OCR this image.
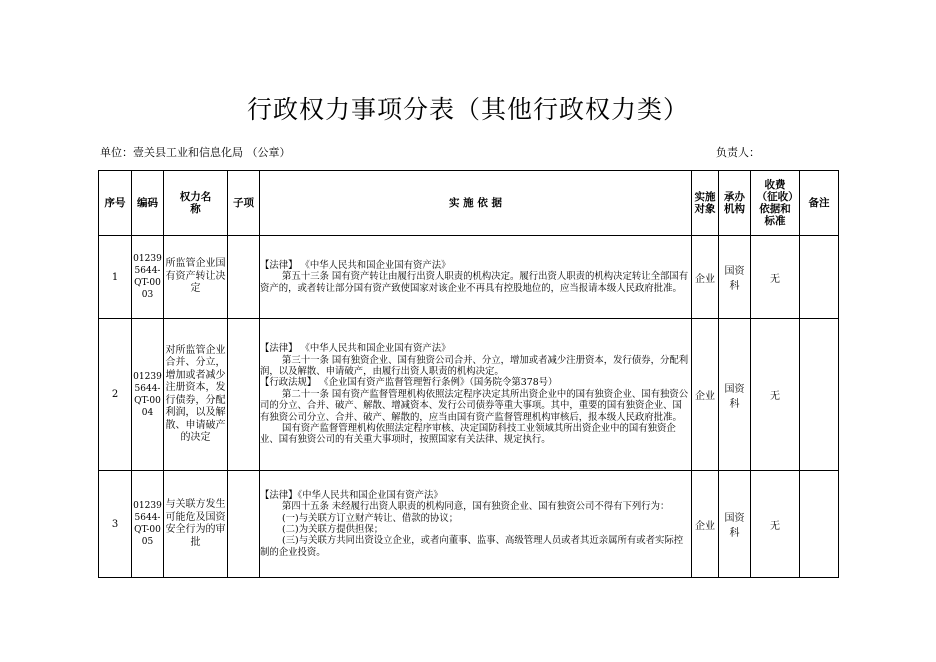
行政权力事项分表（其他行政权力类）
单位：壹关县工业和信息化局 （公章）	负责人：
序号	编码	权力名称	子项	实 施 依 据	实施对象	承办机构	收费（征收）依据和标准	备注
1	012395644-QT-0003	所监管企业国有资产转让决定		【法律】 《中华人民共和国企业国有资产法》

第五十三条 国有资产转让由履行出资人职责的机构决定。履行出资人职责的机构决定转让全部国有资产的，或者转让部分国有资产致使国家对该企业不再具有控股地位的，应当报请本级人民政府批准。	企业	国资科	无	
2	012395644-QT-0004	对所监管企业合并、分立，增加或者减少注册资本，发行债券，分配利润，以及解散、申请破产的决定		【法律】 《中华人民共和国企业国有资产法》

第三十一条 国有独资企业、国有独资公司合并、分立，增加或者减少注册资本，发行债券，分配利润，以及解散、申请破产，由履行出资人职责的机构决定。

【行政法规】 《企业国有资产监督管理暂行条例》（国务院令第378号）

第二十一条 国有资产监督管理机构依照法定程序决定其所出资企业中的国有独资企业、国有独资公司的分立、合并、破产、解散、增减资本、发行公司债券等重大事项。其中，重要的国有独资企业、国有独资公司分立、合并、破产、解散的，应当由国有资产监督管理机构审核后，报本级人民政府批准。

国有资产监督管理机构依照法定程序审核、决定国防科技工业领域其所出资企业中的国有独资企业、国有独资公司的有关重大事项时，按照国家有关法律、规定执行。	企业	国资科	无	
3	012395644-QT-0005	与关联方发生可能危及国资安全行为的审批		【法律】《中华人民共和国企业国有资产法》

第四十五条 未经履行出资人职责的机构同意，国有独资企业、国有独资公司不得有下列行为：

(一)与关联方订立财产转让、借款的协议；

(二)为关联方提供担保；

(三)与关联方共同出资设立企业，或者向董事、监事、高级管理人员或者其近亲属所有或者实际控制的企业投资。	企业	国资科	无	
